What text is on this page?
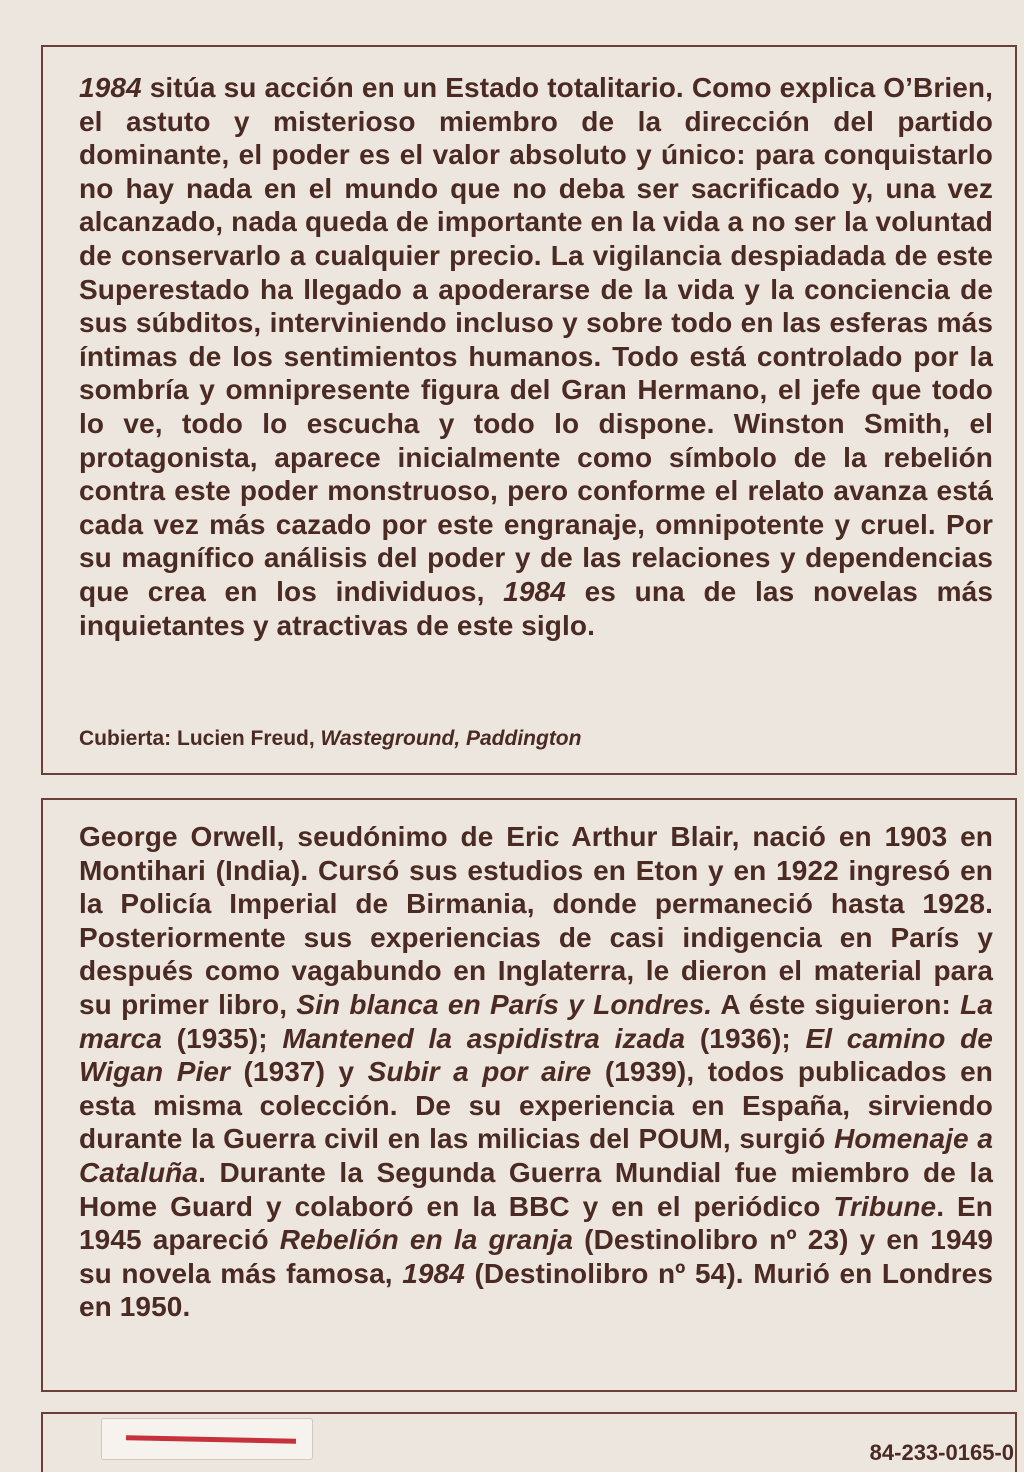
1984 sitúa su acción en un Estado totalitario. Como explica O’Brien, el astuto y misterioso miembro de la dirección del partido dominante, el poder es el valor absoluto y único: para conquistarlo no hay nada en el mundo que no deba ser sacrificado y, una vez alcanzado, nada queda de importante en la vida a no ser la voluntad de conservarlo a cualquier precio. La vigilancia despiadada de este Superestado ha llegado a apoderarse de la vida y la conciencia de sus súbditos, interviniendo incluso y sobre todo en las esferas más íntimas de los sentimientos humanos. Todo está controlado por la sombría y omnipresente figura del Gran Hermano, el jefe que todo lo ve, todo lo escucha y todo lo dispone. Winston Smith, el protagonista, aparece inicialmente como símbolo de la rebelión contra este poder monstruoso, pero conforme el relato avanza está cada vez más cazado por este engranaje, omnipotente y cruel. Por su magnífico análisis del poder y de las relaciones y dependencias que crea en los individuos, 1984 es una de las novelas más inquietantes y atractivas de este siglo.

Cubierta: Lucien Freud, Wasteground, Paddington

George Orwell, seudónimo de Eric Arthur Blair, nació en 1903 en Montihari (India). Cursó sus estudios en Eton y en 1922 ingresó en la Policía Imperial de Birmania, donde permaneció hasta 1928. Posteriormente sus experiencias de casi indigencia en París y después como vagabundo en Inglaterra, le dieron el material para su primer libro, Sin blanca en París y Londres. A éste siguieron: La marca (1935); Mantened la aspidistra izada (1936); El camino de Wigan Pier (1937) y Subir a por aire (1939), todos publicados en esta misma colección. De su experiencia en España, sirviendo durante la Guerra civil en las milicias del POUM, surgió Homenaje a Cataluña. Durante la Segunda Guerra Mundial fue miembro de la Home Guard y colaboró en la BBC y en el periódico Tribune. En 1945 apareció Rebelión en la granja (Destinolibro nº 23) y en 1949 su novela más famosa, 1984 (Destinolibro nº 54). Murió en Londres en 1950.

84-233-0165-0
